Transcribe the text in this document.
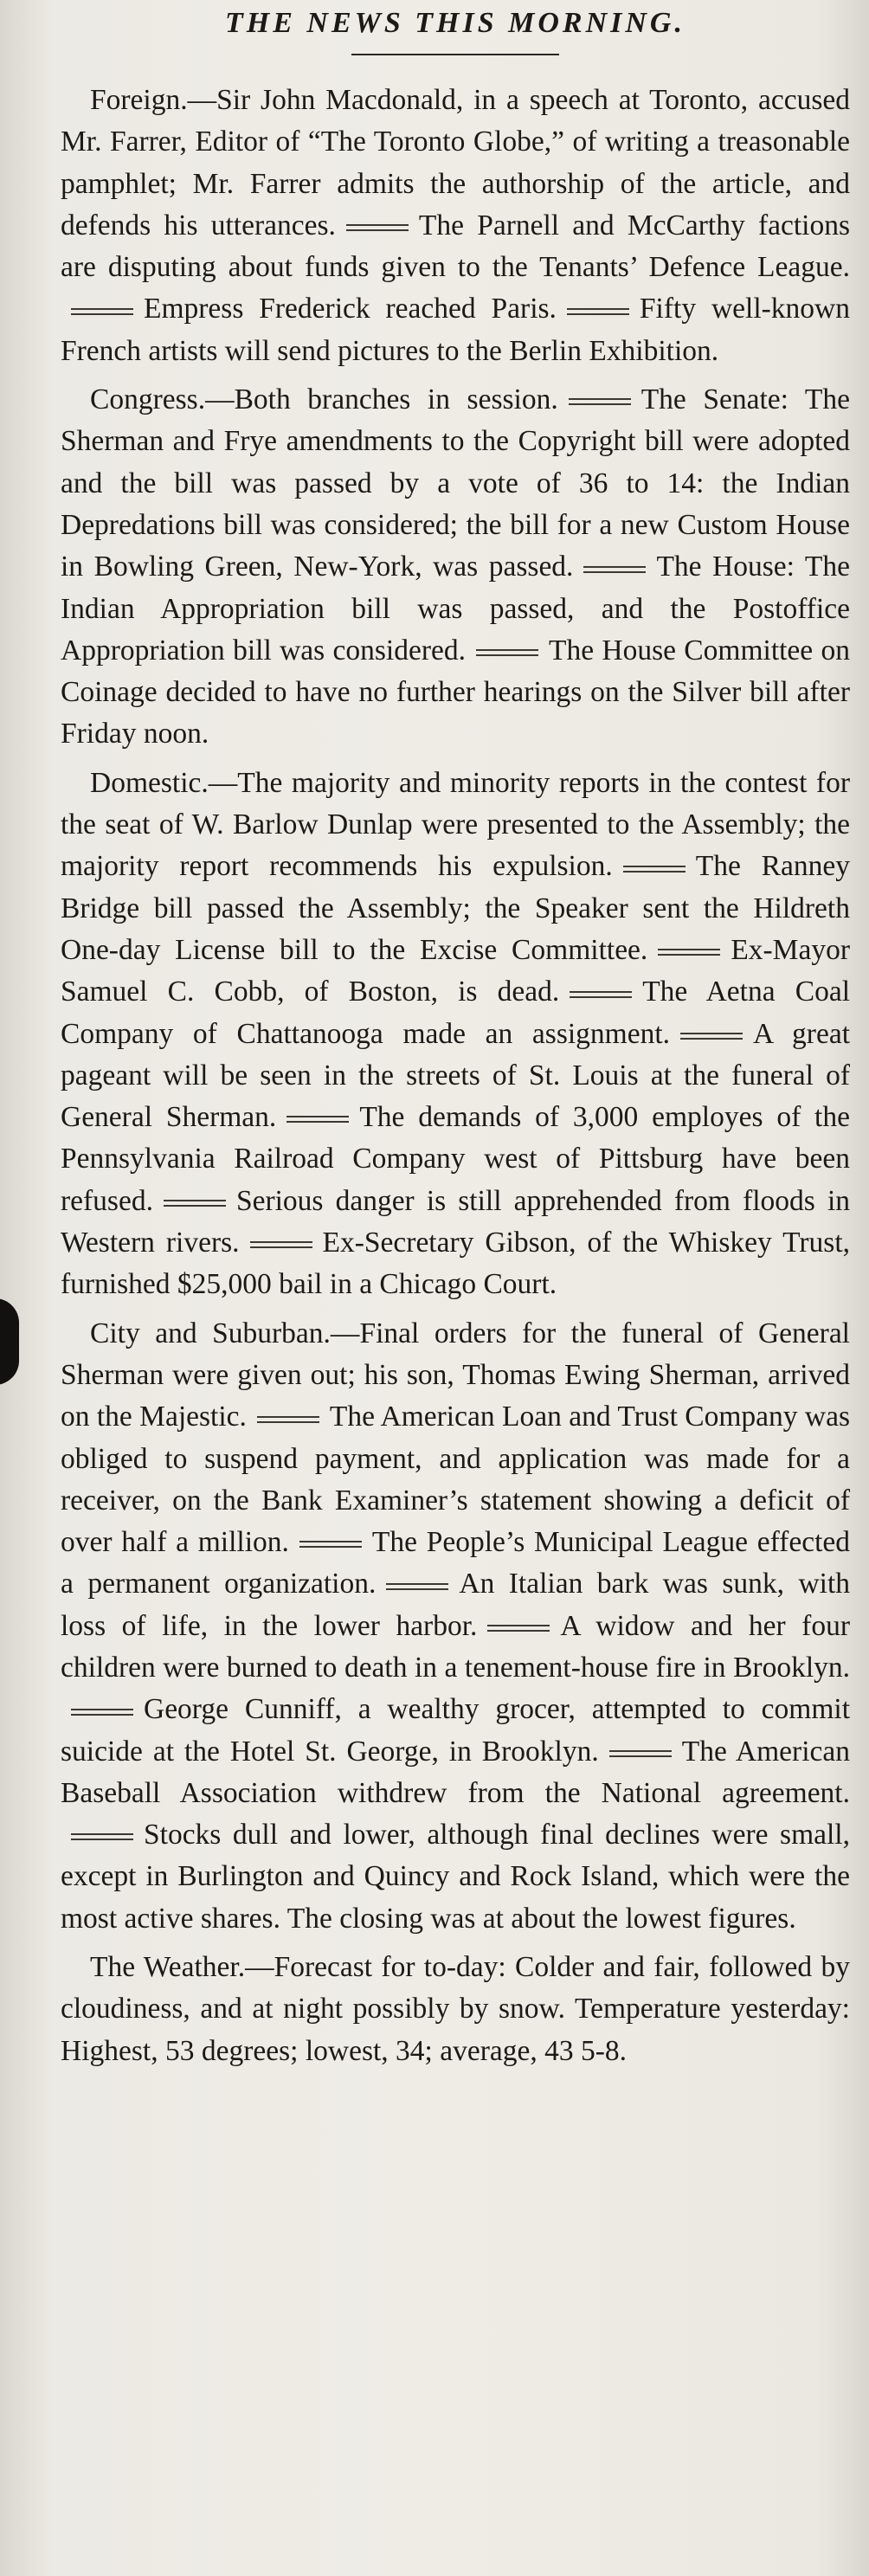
THE NEWS THIS MORNING.

Foreign.—Sir John Macdonald, in a speech at Toronto, accused Mr. Farrer, Editor of “The Toronto Globe,” of writing a treasonable pamphlet; Mr. Farrer admits the authorship of the article, and defends his utterances.	The Parnell and McCarthy factions are disputing about funds given to the Tenants’ Defence League.Empress Frederick reached Paris.	Fifty well-known French artists will send pictures to the Berlin Exhibition.

Congress.—Both branches in session.	The Senate: The Sherman and Frye amendments to the Copyright bill were adopted and the bill was passed by a vote of 36 to 14: the Indian Depredations bill was considered; the bill for a new Custom House in Bowling Green, New-York, was passed.	The House: The Indian Appropriation bill was passed, and the Postoffice Appropriation bill was considered.	The House Committee on Coinage decided to have no further hearings on the Silver bill after Friday noon.

Domestic.—The majority and minority reports in the contest for the seat of W. Barlow Dunlap were presented to the Assembly; the majority report recommends his expulsion.	The Ranney Bridge bill passed the Assembly; the Speaker sent the Hildreth One-day License bill to the Excise Committee.	Ex-Mayor Samuel C. Cobb, of Boston, is dead.	The Aetna Coal Company of Chattanooga made an assignment.	A great pageant will be seen in the streets of St. Louis at the funeral of General Sherman.	The demands of 3,000 employes of the Pennsylvania Railroad Company west of Pittsburg have been refused.	Serious danger is still apprehended from floods in Western rivers.	Ex-Secretary Gibson, of the Whiskey Trust, furnished $25,000 bail in a Chicago Court.

City and Suburban.—Final orders for the funeral of General Sherman were given out; his son, Thomas Ewing Sherman, arrived on the Majestic.	The American Loan and Trust Company was obliged to suspend payment, and application was made for a receiver, on the Bank Examiner’s statement showing a deficit of over half a million.	The People’s Municipal League effected a permanent organization.	An Italian bark was sunk, with loss of life, in the lower harbor.	A widow and her four children were burned to death in a tenement-house fire in Brooklyn.George Cunniff, a wealthy grocer, attempted to commit suicide at the Hotel St. George, in Brooklyn.	The American Baseball Association withdrew from the National agreement.Stocks dull and lower, although final declines were small, except in Burlington and Quincy and Rock Island, which were the most active shares. The closing was at about the lowest figures.

The Weather.—Forecast for to-day: Colder and fair, followed by cloudiness, and at night possibly by snow. Temperature yesterday: Highest, 53 degrees; lowest, 34; average, 43 5-8.
